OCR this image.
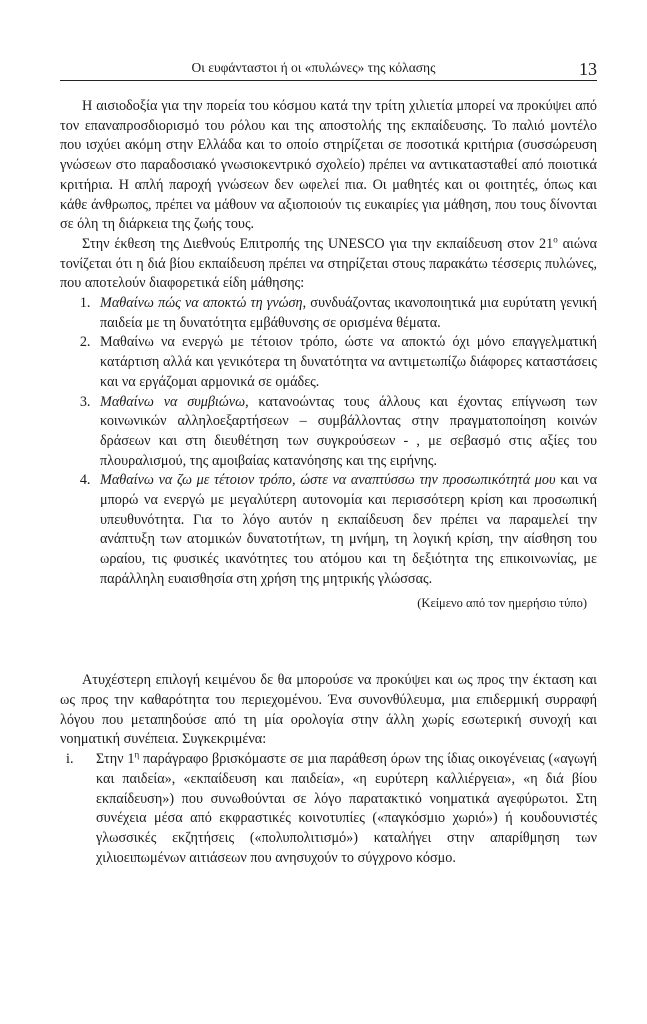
Οι ευφάνταστοι ή οι «πυλώνες» της κόλασης	13

Η αισιοδοξία για την πορεία του κόσμου κατά την τρίτη χιλιετία μπορεί να προκύψει από τον επαναπροσδιορισμό του ρόλου και της αποστολής της εκπαίδευσης. Το παλιό μοντέλο που ισχύει ακόμη στην Ελλάδα και το οποίο στηρίζεται σε ποσοτικά κριτήρια (συσσώρευση γνώσεων στο παραδοσιακό γνωσιοκεντρικό σχολείο) πρέπει να αντικατασταθεί από ποιοτικά κριτήρια. Η απλή παροχή γνώσεων δεν ωφελεί πια. Οι μαθητές και οι φοιτητές, όπως και κάθε άνθρωπος, πρέπει να μάθουν να αξιοποιούν τις ευκαιρίες για μάθηση, που τους δίνονται σε όλη τη διάρκεια της ζωής τους.

Στην έκθεση της Διεθνούς Επιτροπής της UNESCO για την εκπαίδευση στον $21^o$ αιώνα τονίζεται ότι η διά βίου εκπαίδευση πρέπει να στηρίζεται στους παρακάτω τέσσερις πυλώνες, που αποτελούν διαφορετικά είδη μάθησης:

1. Μαθαίνω πώς να αποκτώ τη γνώση, συνδυάζοντας ικανοποιητικά μια ευρύτατη γενική παιδεία με τη δυνατότητα εμβάθυνσης σε ορισμένα θέματα.
2. Μαθαίνω να ενεργώ με τέτοιον τρόπο, ώστε να αποκτώ όχι μόνο επαγγελματική κατάρτιση αλλά και γενικότερα τη δυνατότητα να αντιμετωπίζω διάφορες καταστάσεις και να εργάζομαι αρμονικά σε ομάδες.
3. Μαθαίνω να συμβιώνω, κατανοώντας τους άλλους και έχοντας επίγνωση των κοινωνικών αλληλοεξαρτήσεων – συμβάλλοντας στην πραγματοποίηση κοινών δράσεων και στη διευθέτηση των συγκρούσεων - , με σεβασμό στις αξίες του πλουραλισμού, της αμοιβαίας κατανόησης και της ειρήνης.
4. Μαθαίνω να ζω με τέτοιον τρόπο, ώστε να αναπτύσσω την προσωπικότητά μου και να μπορώ να ενεργώ με μεγαλύτερη αυτονομία και περισσότερη κρίση και προσωπική υπευθυνότητα. Για το λόγο αυτόν η εκπαίδευση δεν πρέπει να παραμελεί την ανάπτυξη των ατομικών δυνατοτήτων, τη μνήμη, τη λογική κρίση, την αίσθηση του ωραίου, τις φυσικές ικανότητες του ατόμου και τη δεξιότητα της επικοινωνίας, με παράλληλη ευαισθησία στη χρήση της μητρικής γλώσσας.
(Κείμενο από τον ημερήσιο τύπο)

Ατυχέστερη επιλογή κειμένου δε θα μπορούσε να προκύψει και ως προς την έκταση και ως προς την καθαρότητα του περιεχομένου. Ένα συνονθύλευμα, μια επιδερμική συρραφή λόγου που μεταπηδούσε από τη μία ορολογία στην άλλη χωρίς εσωτερική συνοχή και νοηματική συνέπεια. Συγκεκριμένα:

i. Στην $1^\eta$ παράγραφο βρισκόμαστε σε μια παράθεση όρων της ίδιας οικογένειας («αγωγή και παιδεία», «εκπαίδευση και παιδεία», «η ευρύτερη καλλιέργεια», «η διά βίου εκπαίδευση») που συνωθούνται σε λόγο παρατακτικό νοηματικά αγεφύρωτοι. Στη συνέχεια μέσα από εκφραστικές κοινοτυπίες («παγκόσμιο χωριό») ή κουδουνιστές γλωσσικές εκζητήσεις («πολυπολιτισμό») καταλήγει στην απαρίθμηση των χιλιοειπωμένων αιτιάσεων που ανησυχούν το σύγχρονο κόσμο.
